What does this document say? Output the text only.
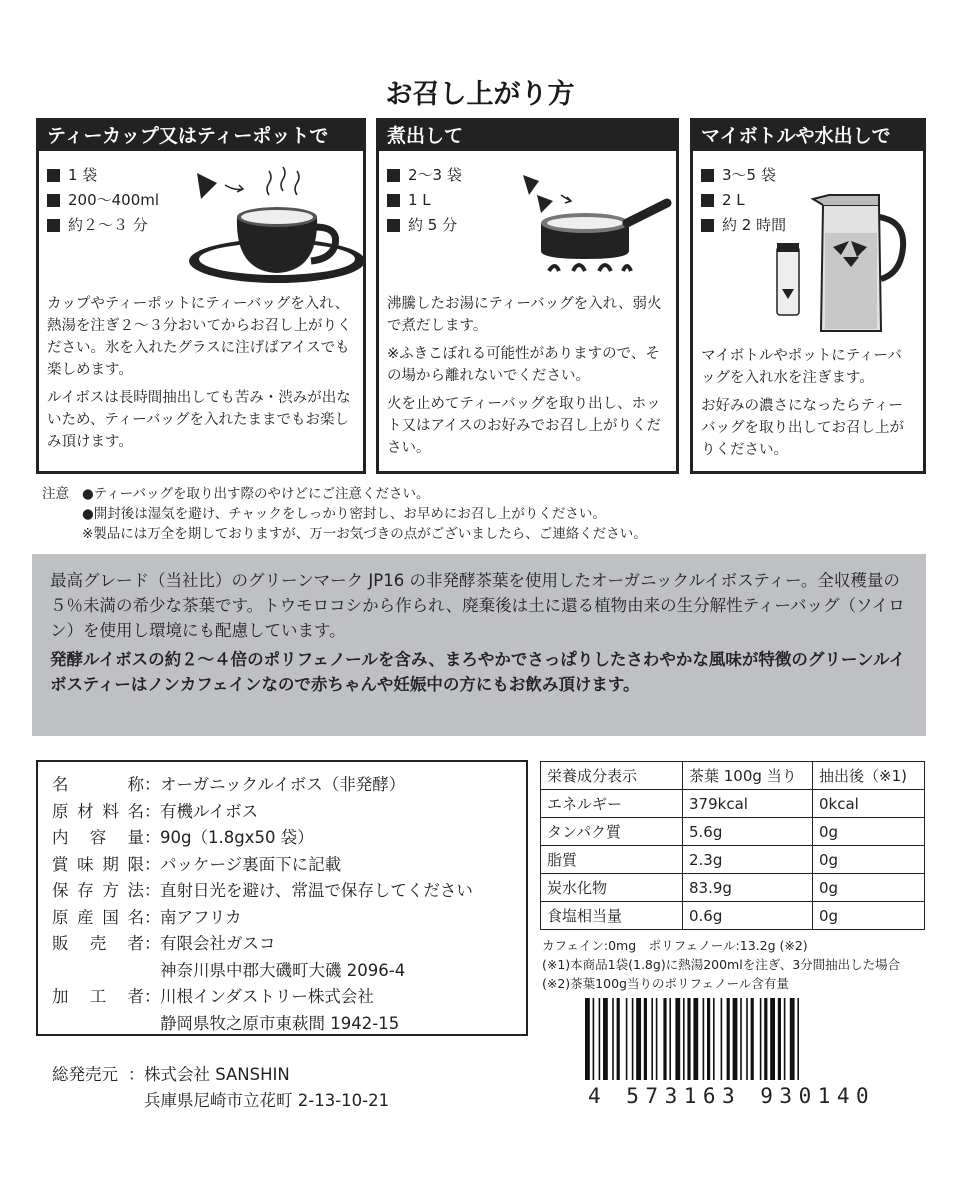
お召し上がり方
ティーカップ又はティーポットで
1 袋
200〜400ml
約２〜３ 分

カップやティーポットにティーバッグを入れ、熱湯を注ぎ２〜３分おいてからお召し上がりください。氷を入れたグラスに注げばアイスでも楽しめます。

ルイボスは長時間抽出しても苦み・渋みが出ないため、ティーバッグを入れたままでもお楽しみ頂けます。

煮出して
2〜3 袋
1 L
約 5 分

沸騰したお湯にティーバッグを入れ、弱火で煮だします。

※ふきこぼれる可能性がありますので、その場から離れないでください。

火を止めてティーバッグを取り出し、ホット又はアイスのお好みでお召し上がりください。

マイボトルや水出しで
3〜5 袋
2 L
約 2 時間

マイボトルやポットにティーバッグを入れ水を注ぎます。

お好みの濃さになったらティーバッグを取り出してお召し上がりください。

注意 ●ティーバッグを取り出す際のやけどにご注意ください。
●開封後は湿気を避け、チャックをしっかり密封し、お早めにお召し上がりください。
※製品には万全を期しておりますが、万一お気づきの点がございましたら、ご連絡ください。

最高グレード（当社比）のグリーンマーク JP16 の非発酵茶葉を使用したオーガニックルイボスティー。全収穫量の５％未満の希少な茶葉です。トウモロコシから作られ、廃棄後は土に還る植物由来の生分解性ティーバッグ（ソイロン）を使用し環境にも配慮しています。

発酵ルイボスの約２〜４倍のポリフェノールを含み、まろやかでさっぱりしたさわやかな風味が特徴のグリーンルイボスティーはノンカフェインなので赤ちゃんや妊娠中の方にもお飲み頂けます。

名　　称 ： オーガニックルイボス（非発酵）
原材料名 ： 有機ルイボス
内 容 量 ： 90g（1.8gx50 袋）
賞味期限 ： パッケージ裏面下に記載
保存方法 ： 直射日光を避け、常温で保存してください
原産国名 ： 南アフリカ
販 売 者 ： 有限会社ガスコ
神奈川県中郡大磯町大磯 2096-4
加 工 者 ： 川根インダストリー株式会社
静岡県牧之原市東萩間 1942-15
総発売元 ： 株式会社 SANSHIN
兵庫県尼崎市立花町 2-13-10-21
栄養成分表示	茶葉 100g 当り	抽出後（※1)
エネルギー	379kcal	0kcal
タンパク質	5.6g	0g
脂質	2.3g	0g
炭水化物	83.9g	0g
食塩相当量	0.6g	0g
カフェイン:0mg　ポリフェノール:13.2g (※2)
(※1)本商品1袋(1.8g)に熱湯200mlを注ぎ、3分間抽出した場合
(※2)茶葉100g当りのポリフェノール含有量
4 573163 930140
